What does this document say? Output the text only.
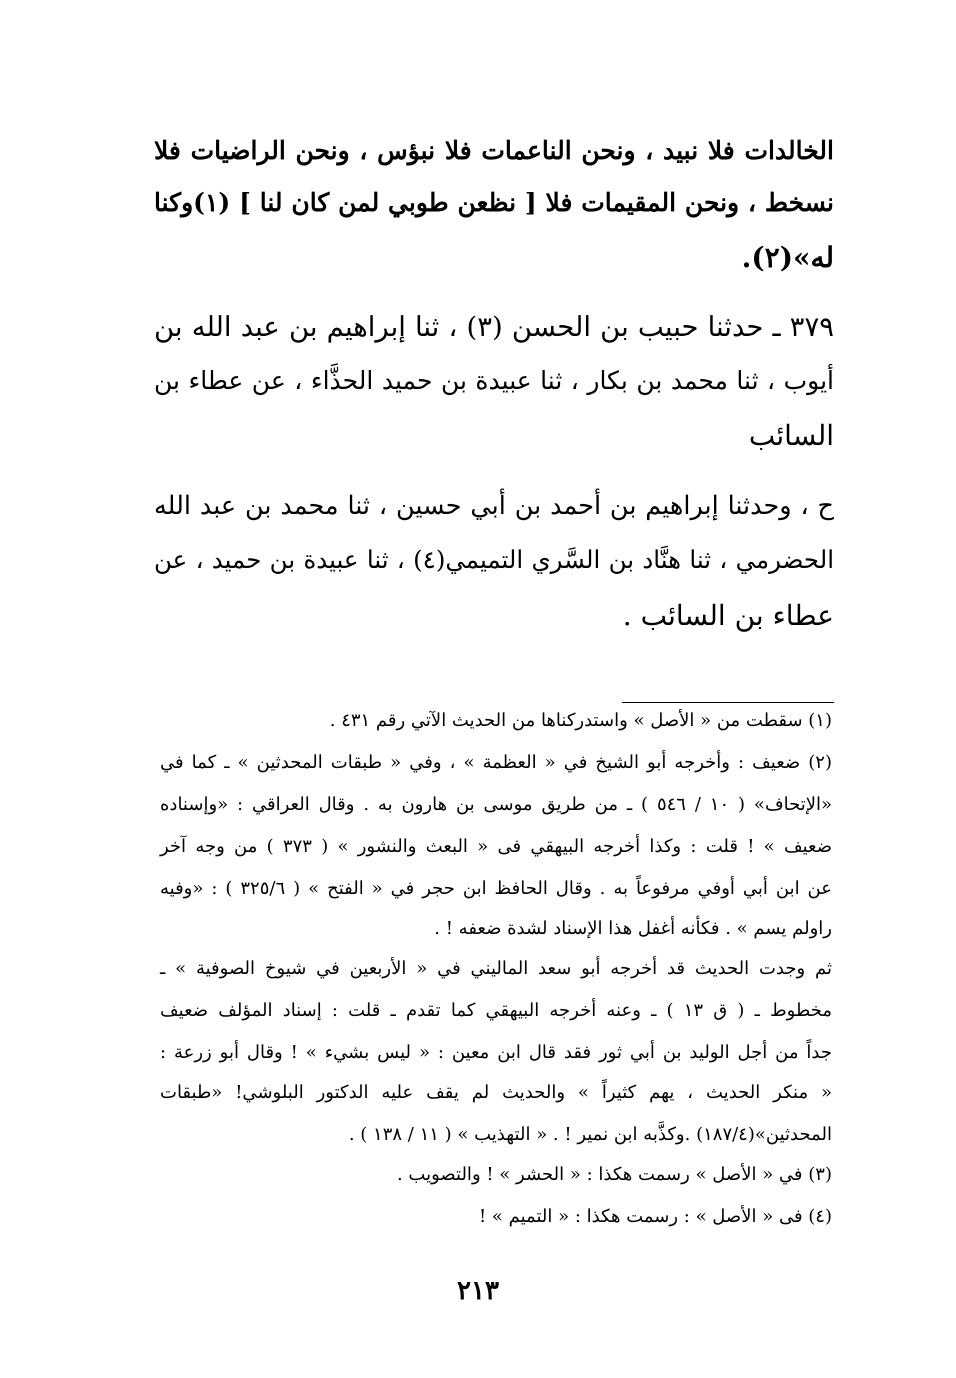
الخالدات فلا نبيد ، ونحن الناعمات فلا نبؤس ، ونحن الراضيات فلا
نسخط ، ونحن المقيمات فلا [ نظعن طوبي لمن كان لنا ] (١)وكنا
له»(٢).
٣٧٩ ـ حدثنا حبيب بن الحسن (٣) ، ثنا إبراهيم بن عبد الله بن
أيوب ، ثنا محمد بن بكار ، ثنا عبيدة بن حميد الحذَّاء ، عن عطاء بن
السائب
ح ، وحدثنا إبراهيم بن أحمد بن أبي حسين ، ثنا محمد بن عبد الله
الحضرمي ، ثنا هنَّاد بن السَّري التميمي(٤) ، ثنا عبيدة بن حميد ، عن
عطاء بن السائب .
(١) سقطت من « الأصل » واستدركناها من الحديث الآتي رقم ٤٣١ .
(٢) ضعيف : وأخرجه أبو الشيخ في « العظمة » ، وفي « طبقات المحدثين » ـ كما في
«الإتحاف» ( ١٠ / ٥٤٦ ) ـ من طريق موسى بن هارون به . وقال العراقي : «وإسناده
ضعيف » ! قلت : وكذا أخرجه البيهقي فى « البعث والنشور » ( ٣٧٣ ) من وجه آخر
عن ابن أبي أوفي مرفوعاً به . وقال الحافظ ابن حجر في « الفتح » ( ٣٢٥/٦ ) : «وفيه
راولم يسم » . فكأنه أغفل هذا الإسناد لشدة ضعفه ! .
ثم وجدت الحديث قد أخرجه أبو سعد الماليني في « الأربعين في شيوخ الصوفية » ـ
مخطوط ـ ( ق ١٣ ) ـ وعنه أخرجه البيهقي كما تقدم ـ قلت : إسناد المؤلف ضعيف
جداً من أجل الوليد بن أبي ثور فقد قال ابن معين : « ليس بشيء » ! وقال أبو زرعة :
« منكر الحديث ، يهم كثيراً » والحديث لم يقف عليه الدكتور البلوشي! «طبقات
المحدثين»(١٨٧/٤) .وكذَّبه ابن نمير ! . « التهذيب » ( ١١ / ١٣٨ ) .
(٣) في « الأصل » رسمت هكذا : « الحشر » ! والتصويب .
(٤) فى « الأصل » : رسمت هكذا : « التميم » !
٢١٣
